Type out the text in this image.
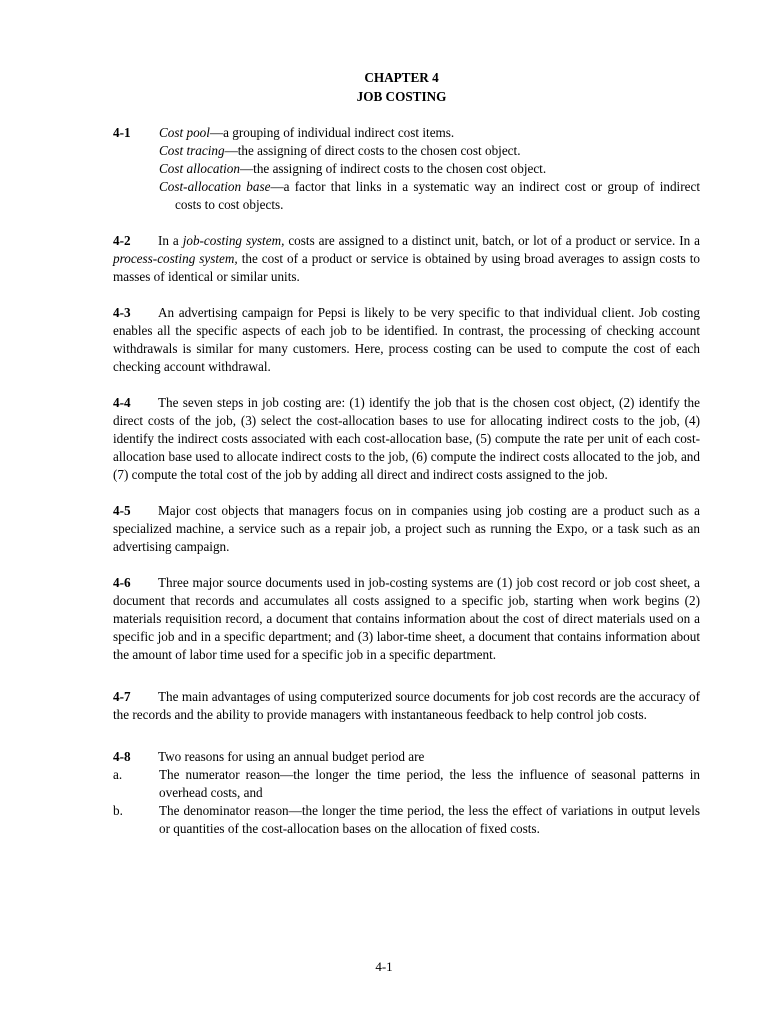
CHAPTER 4
JOB COSTING
4-1	Cost pool—a grouping of individual indirect cost items.
Cost tracing—the assigning of direct costs to the chosen cost object.
Cost allocation—the assigning of indirect costs to the chosen cost object.
Cost-allocation base—a factor that links in a systematic way an indirect cost or group of indirect costs to cost objects.
4-2 In a job-costing system, costs are assigned to a distinct unit, batch, or lot of a product or service. In a process-costing system, the cost of a product or service is obtained by using broad averages to assign costs to masses of identical or similar units.
4-3 An advertising campaign for Pepsi is likely to be very specific to that individual client. Job costing enables all the specific aspects of each job to be identified. In contrast, the processing of checking account withdrawals is similar for many customers. Here, process costing can be used to compute the cost of each checking account withdrawal.
4-4 The seven steps in job costing are: (1) identify the job that is the chosen cost object, (2) identify the direct costs of the job, (3) select the cost-allocation bases to use for allocating indirect costs to the job, (4) identify the indirect costs associated with each cost-allocation base, (5) compute the rate per unit of each cost-allocation base used to allocate indirect costs to the job, (6) compute the indirect costs allocated to the job, and (7) compute the total cost of the job by adding all direct and indirect costs assigned to the job.
4-5 Major cost objects that managers focus on in companies using job costing are a product such as a specialized machine, a service such as a repair job, a project such as running the Expo, or a task such as an advertising campaign.
4-6 Three major source documents used in job-costing systems are (1) job cost record or job cost sheet, a document that records and accumulates all costs assigned to a specific job, starting when work begins (2) materials requisition record, a document that contains information about the cost of direct materials used on a specific job and in a specific department; and (3) labor-time sheet, a document that contains information about the amount of labor time used for a specific job in a specific department.
4-7 The main advantages of using computerized source documents for job cost records are the accuracy of the records and the ability to provide managers with instantaneous feedback to help control job costs.
4-8 Two reasons for using an annual budget period are
a.	The numerator reason—the longer the time period, the less the influence of seasonal patterns in overhead costs, and
b.	The denominator reason—the longer the time period, the less the effect of variations in output levels or quantities of the cost-allocation bases on the allocation of fixed costs.
4-1
